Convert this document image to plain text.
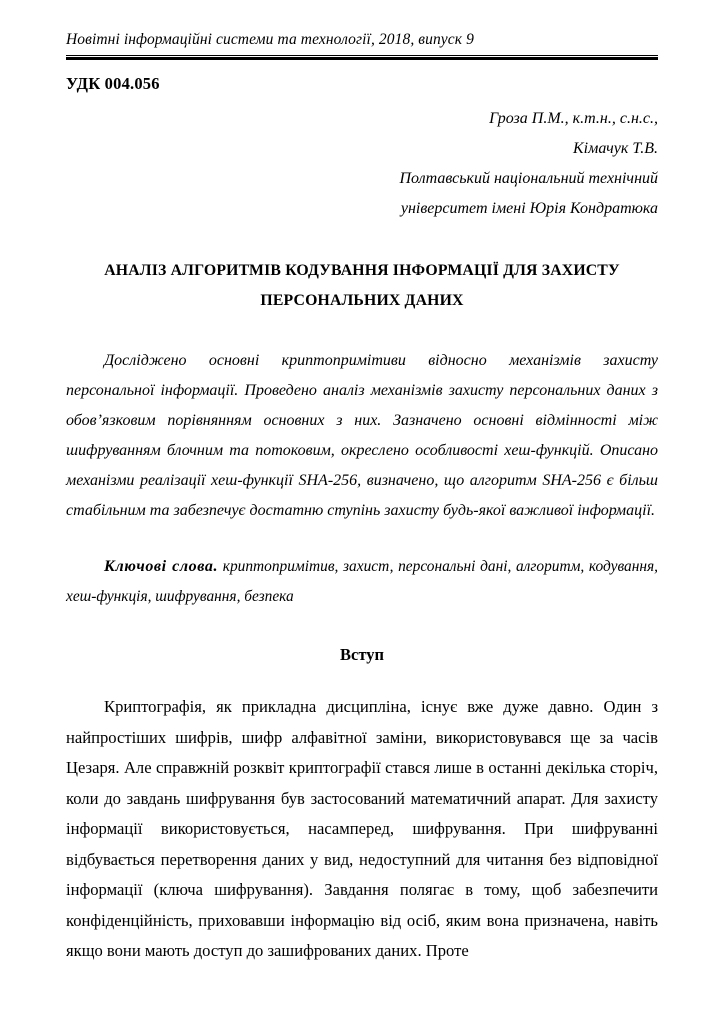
Новітні інформаційні системи та технології, 2018, випуск 9
УДК 004.056
Гроза П.М., к.т.н., с.н.с.,
Кімачук Т.В.
Полтавський національний технічний
університет імені Юрія Кондратюка
АНАЛІЗ АЛГОРИТМІВ КОДУВАННЯ ІНФОРМАЦІЇ ДЛЯ ЗАХИСТУ
ПЕРСОНАЛЬНИХ ДАНИХ

Досліджено основні криптопримітиви відносно механізмів захисту персональної інформації. Проведено аналіз механізмів захисту персональних даних з обов’язковим порівнянням основних з них. Зазначено основні відмінності між шифруванням блочним та потоковим, окреслено особливості хеш-функцій. Описано механізми реалізації хеш-функції SHA-256, визначено, що алгоритм SHA-256 є більш стабільним та забезпечує достатню ступінь захисту будь-якої важливої інформації.

Ключові слова. криптопримітив, захист, персональні дані, алгоритм, кодування, хеш-функція, шифрування, безпека

Вступ

Криптографія, як прикладна дисципліна, існує вже дуже давно. Один з найпростіших шифрів, шифр алфавітної заміни, використовувався ще за часів Цезаря. Але справжній розквіт криптографії стався лише в останні декілька сторіч, коли до завдань шифрування був застосований математичний апарат. Для захисту інформації використовується, насамперед, шифрування. При шифруванні відбувається перетворення даних у вид, недоступний для читання без відповідної інформації (ключа шифрування). Завдання полягає в тому, щоб забезпечити конфіденційність, приховавши інформацію від осіб, яким вона призначена, навіть якщо вони мають доступ до зашифрованих даних. Проте
